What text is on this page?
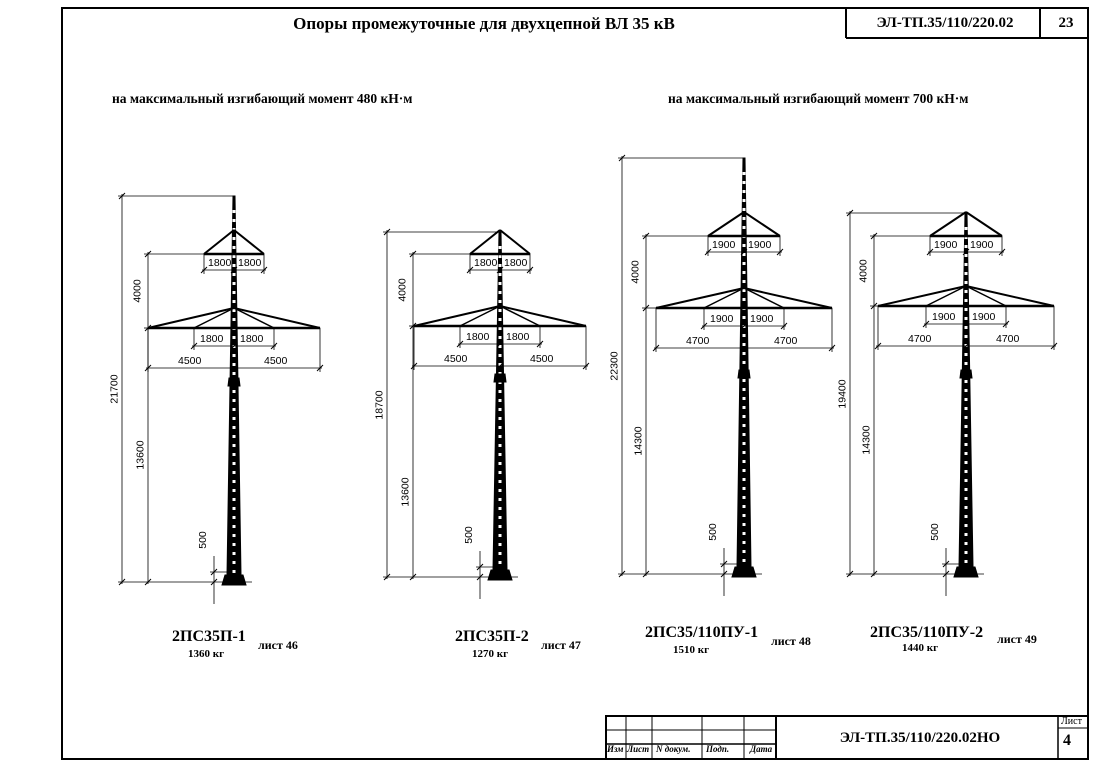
Опоры промежуточные для двухцепной ВЛ 35 кВ	ЭЛ-ТП.35/110/220.02	23
на максимальный изгибающий момент 480 кН·м	на максимальный изгибающий момент 700 кН·м
2ПС35П-1
1360 кг
лист 46	2ПС35П-2
1270 кг
лист 47
2ПС35/110ПУ-1
1510 кг
лист 48	2ПС35/110ПУ-2
1440 кг
лист 49
Изм Лист N докум. Подп. Дата
ЭЛ-ТП.35/110/220.02НО
Лист
4
1800 1800
1800 1800
4500	4500
21700
4000
13600
500
1800 1800
1800 1800
4500	4500
18700
4000
13600
500
1900 1900
1900 1900
4700	4700
22300
4000
14300
500
1900 1900
1900 1900
4700	4700
19400
4000
14300
500
